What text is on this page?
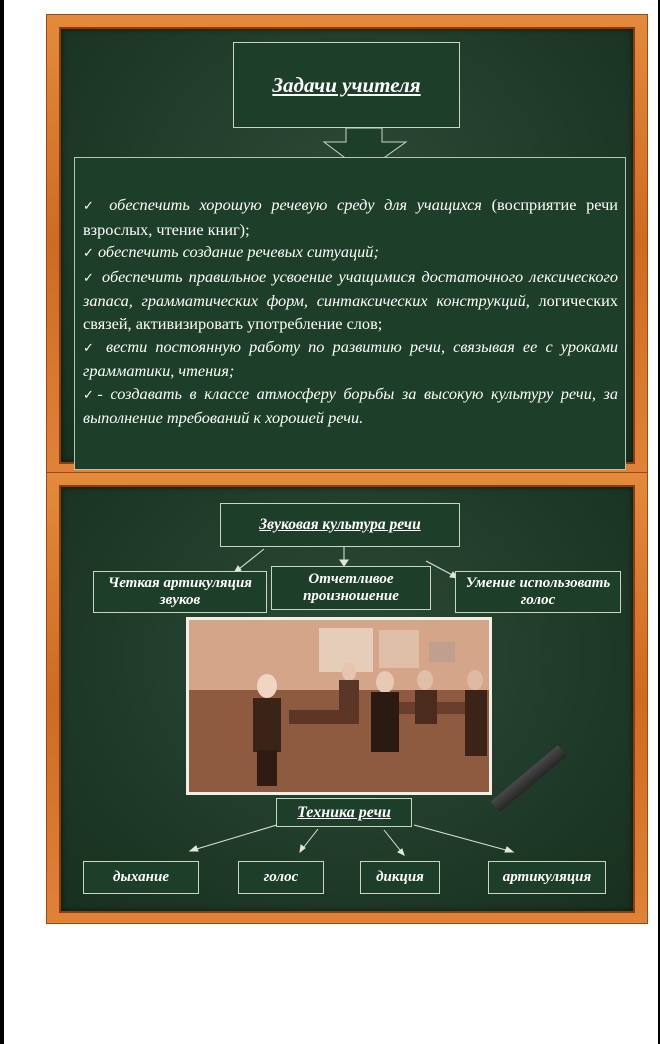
Задачи учителя

✓ обеспечить хорошую речевую среду для учащихся (восприятие речи взрослых, чтение книг);

✓ обеспечить создание речевых ситуаций;

✓ обеспечить правильное усвоение учащимися достаточного лексического запаса, грамматических форм, синтаксических конструкций, логических связей, активизировать употребление слов;

✓ вести постоянную работу по развитию речи, связывая ее с уроками грамматики, чтения;

✓- создавать в классе атмосферу борьбы за высокую культуру речи, за выполнение требований к хорошей речи.

Звуковая культура речи
Четкая артикуляция звуков
Отчетливое произношение
Умение использовать голос
Техника речи
дыхание	голос	дикция	артикуляция
